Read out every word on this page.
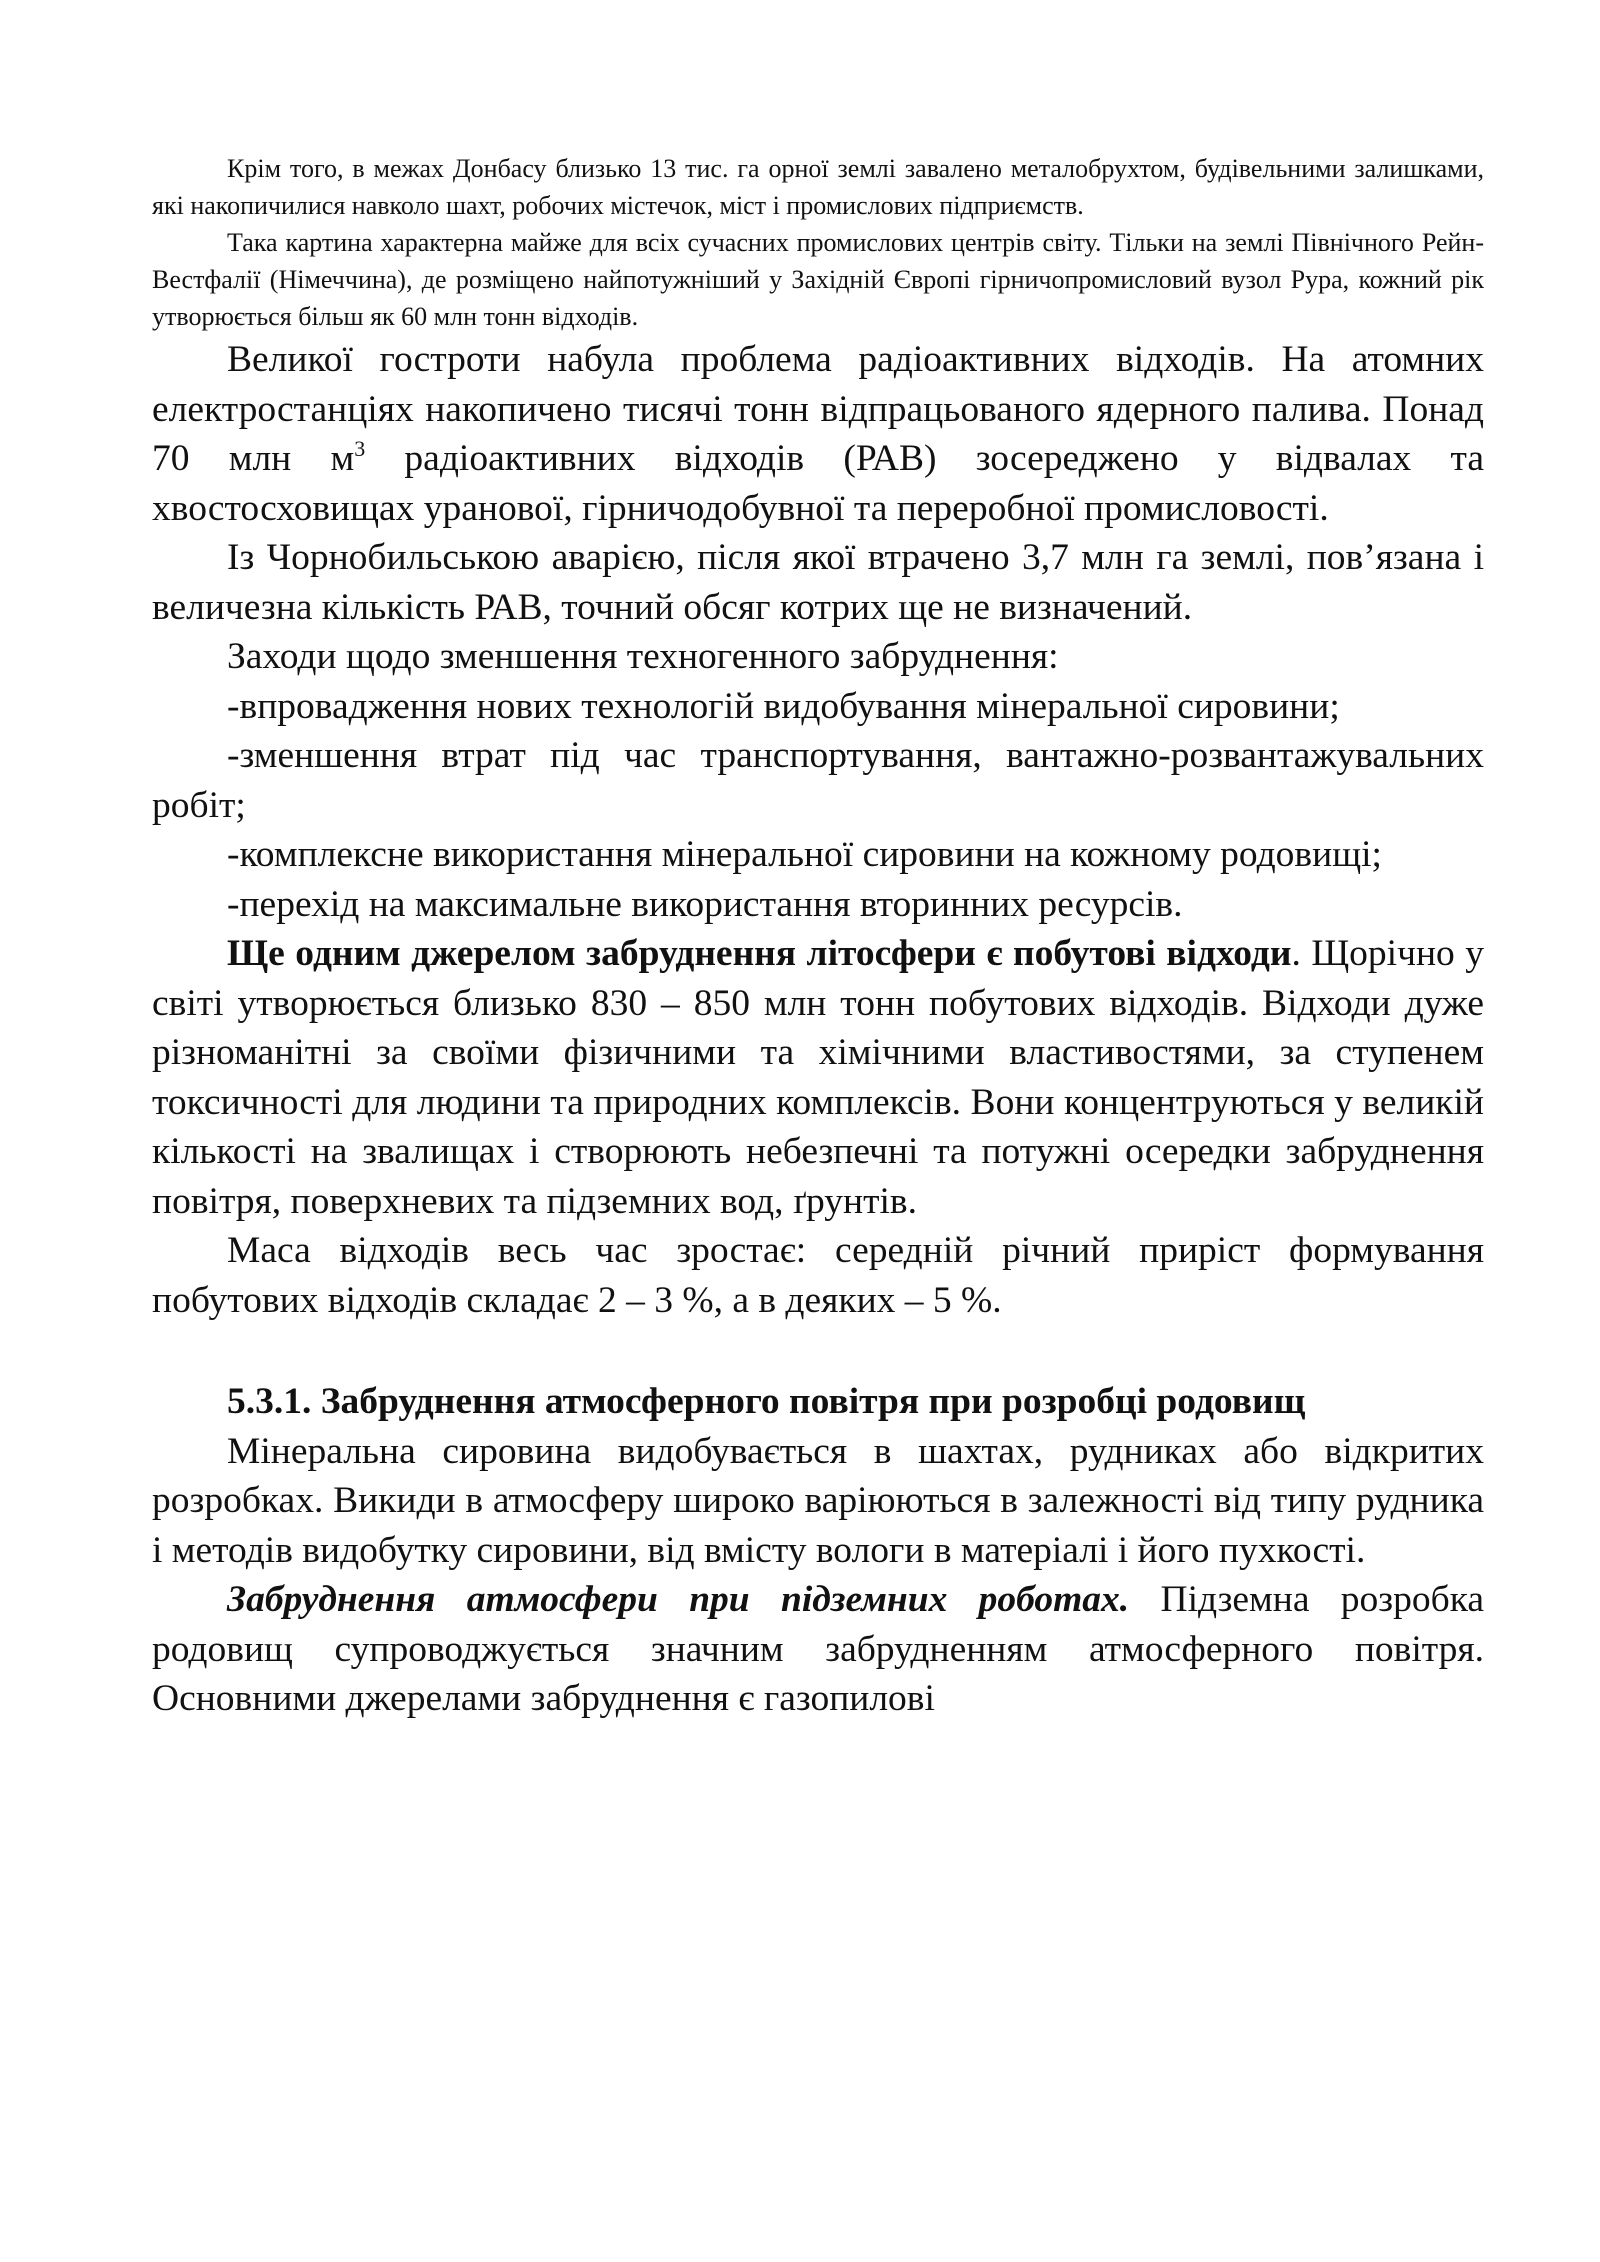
Крім того, в межах Донбасу близько 13 тис. га орної землі завалено металобрухтом, будівельними залишками, які накопичилися навколо шахт, робочих містечок, міст і промислових підприємств.

Така картина характерна майже для всіх сучасних промислових центрів світу. Тільки на землі Північного Рейн-Вестфалії (Німеччина), де розміщено найпотужніший у Західній Європі гірничопромисловий вузол Рура, кожний рік утворюється більш як 60 млн тонн відходів.

Великої гостроти набула проблема радіоактивних відходів. На атомних електростанціях накопичено тисячі тонн відпрацьованого ядерного палива. Понад 70 млн $м^3$ радіоактивних відходів (РАВ) зосереджено у відвалах та хвостосховищах уранової, гірничодобувної та переробної промисловості.

Із Чорнобильською аварією, після якої втрачено 3,7 млн га землі, пов’язана і величезна кількість РАВ, точний обсяг котрих ще не визначений.

Заходи щодо зменшення техногенного забруднення:

-впровадження нових технологій видобування мінеральної сировини;

-зменшення втрат під час транспортування, вантажно-розвантажувальних робіт;

-комплексне використання мінеральної сировини на кожному родовищі;

-перехід на максимальне використання вторинних ресурсів.

Ще одним джерелом забруднення літосфери є побутові відходи. Щорічно у світі утворюється близько 830 – 850 млн тонн побутових відходів. Відходи дуже різноманітні за своїми фізичними та хімічними властивостями, за ступенем токсичності для людини та природних комплексів. Вони концентруються у великій кількості на звалищах і створюють небезпечні та потужні осередки забруднення повітря, поверхневих та підземних вод, ґрунтів.

Маса відходів весь час зростає: середній річний приріст формування побутових відходів складає 2 – 3 %, а в деяких – 5 %.

5.3.1. Забруднення атмосферного повітря при розробці родовищ

Мінеральна сировина видобувається в шахтах, рудниках або відкритих розробках. Викиди в атмосферу широко варіюються в залежності від типу рудника і методів видобутку сировини, від вмісту вологи в матеріалі і його пухкості.

Забруднення атмосфери при підземних роботах. Підземна розробка родовищ супроводжується значним забрудненням атмосферного повітря. Основними джерелами забруднення є газопилові
